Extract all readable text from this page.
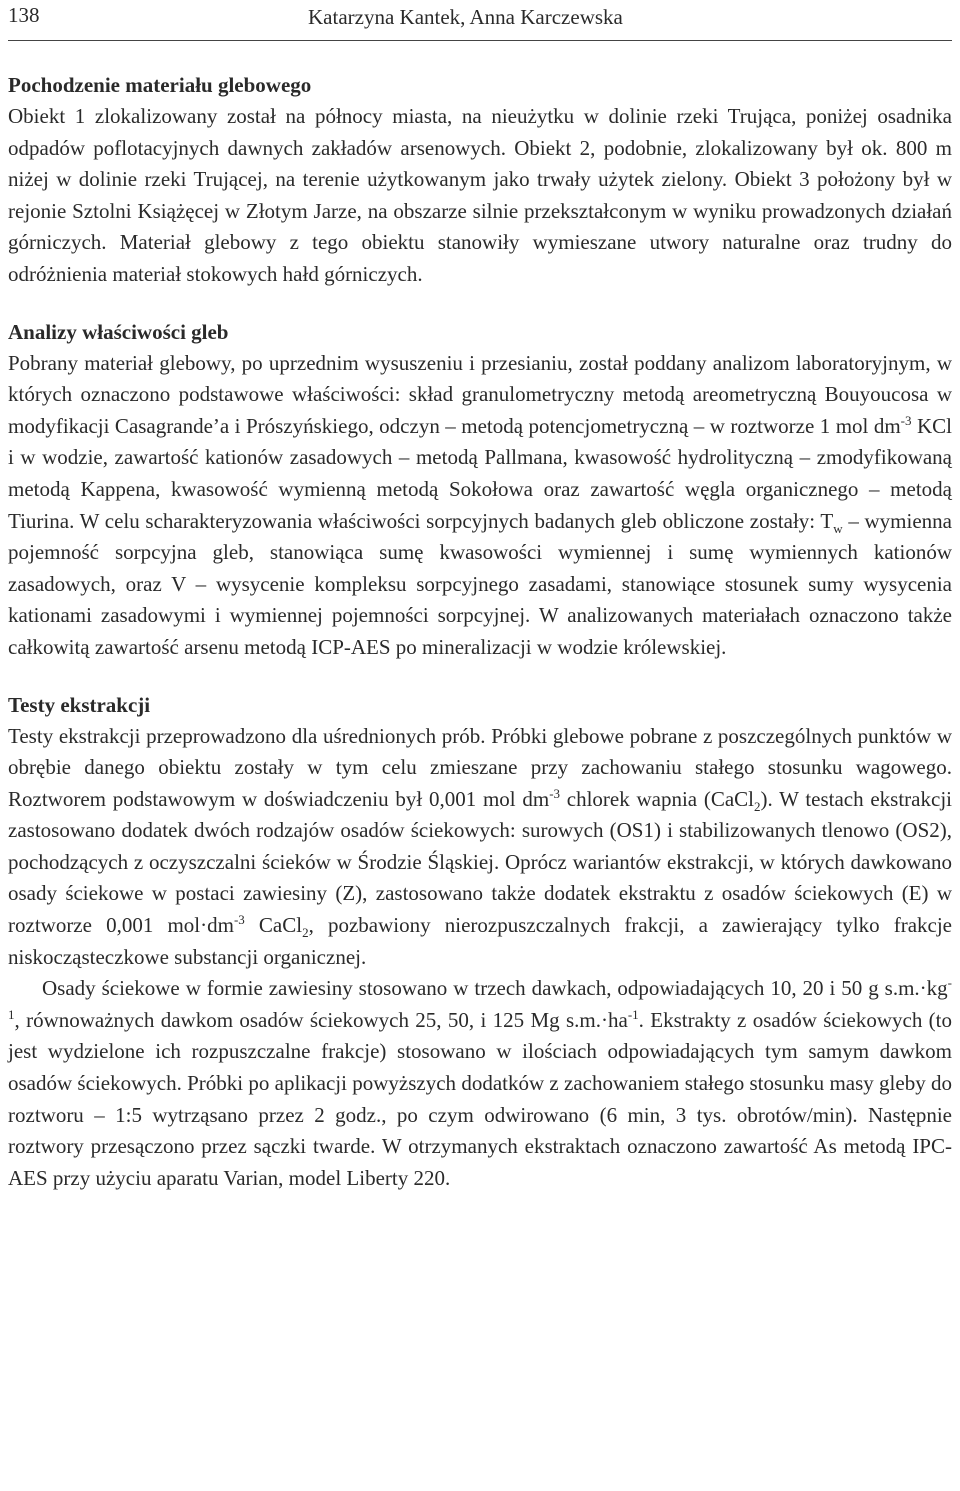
138	Katarzyna Kantek, Anna Karczewska
Pochodzenie materiału glebowego

Obiekt 1 zlokalizowany został na północy miasta, na nieużytku w dolinie rzeki Trująca, poniżej osadnika odpadów poflotacyjnych dawnych zakładów arsenowych. Obiekt 2, podobnie, zlokalizowany był ok. 800 m niżej w dolinie rzeki Trującej, na terenie użytkowanym jako trwały użytek zielony. Obiekt 3 położony był w rejonie Sztolni Książęcej w Złotym Jarze, na obszarze silnie przekształconym w wyniku prowadzonych działań górniczych. Materiał glebowy z tego obiektu stanowiły wymieszane utwory naturalne oraz trudny do odróżnienia materiał stokowych hałd górniczych.

Analizy właściwości gleb

Pobrany materiał glebowy, po uprzednim wysuszeniu i przesianiu, został poddany analizom laboratoryjnym, w których oznaczono podstawowe właściwości: skład granulometryczny metodą areometryczną Bouyoucosa w modyfikacji Casagrande’a i Prószyńskiego, odczyn – metodą potencjometryczną – w roztworze 1 mol $dm^{-3}$ KCl i w wodzie, zawartość kationów zasadowych – metodą Pallmana, kwasowość hydrolityczną – zmodyfikowaną metodą Kappena, kwasowość wymienną metodą Sokołowa oraz zawartość węgla organicznego – metodą Tiurina. W celu scharakteryzowania właściwości sorpcyjnych badanych gleb obliczone zostały: $T_w$ – wymienna pojemność sorpcyjna gleb, stanowiąca sumę kwasowości wymiennej i sumę wymiennych kationów zasadowych, oraz V – wysycenie kompleksu sorpcyjnego zasadami, stanowiące stosunek sumy wysycenia kationami zasadowymi i wymiennej pojemności sorpcyjnej. W analizowanych materiałach oznaczono także całkowitą zawartość arsenu metodą ICP-AES po mineralizacji w wodzie królewskiej.

Testy ekstrakcji

Testy ekstrakcji przeprowadzono dla uśrednionych prób. Próbki glebowe pobrane z poszczególnych punktów w obrębie danego obiektu zostały w tym celu zmieszane przy zachowaniu stałego stosunku wagowego. Roztworem podstawowym w doświadczeniu był 0,001 mol $dm^{-3}$ chlorek wapnia (CaCl$_2$). W testach ekstrakcji zastosowano dodatek dwóch rodzajów osadów ściekowych: surowych (OS1) i stabilizowanych tlenowo (OS2), pochodzących z oczyszczalni ścieków w Środzie Śląskiej. Oprócz wariantów ekstrakcji, w których dawkowano osady ściekowe w postaci zawiesiny (Z), zastosowano także dodatek ekstraktu z osadów ściekowych (E) w roztworze 0,001 $mol\cdot dm^{-3}$ CaCl$_2$, pozbawiony nierozpuszczalnych frakcji, a zawierający tylko frakcje niskocząsteczkowe substancji organicznej.

Osady ściekowe w formie zawiesiny stosowano w trzech dawkach, odpowiadających 10, 20 i 50 g $s.m.\cdot kg^{-1}$, równoważnych dawkom osadów ściekowych 25, 50, i 125 Mg $s.m.\cdot ha^{-1}$. Ekstrakty z osadów ściekowych (to jest wydzielone ich rozpuszczalne frakcje) stosowano w ilościach odpowiadających tym samym dawkom osadów ściekowych. Próbki po aplikacji powyższych dodatków z zachowaniem stałego stosunku masy gleby do roztworu – 1:5 wytrząsano przez 2 godz., po czym odwirowano (6 min, 3 tys. obrotów/min). Następnie roztwory przesączono przez sączki twarde. W otrzymanych ekstraktach oznaczono zawartość As metodą IPC-AES przy użyciu aparatu Varian, model Liberty 220.
